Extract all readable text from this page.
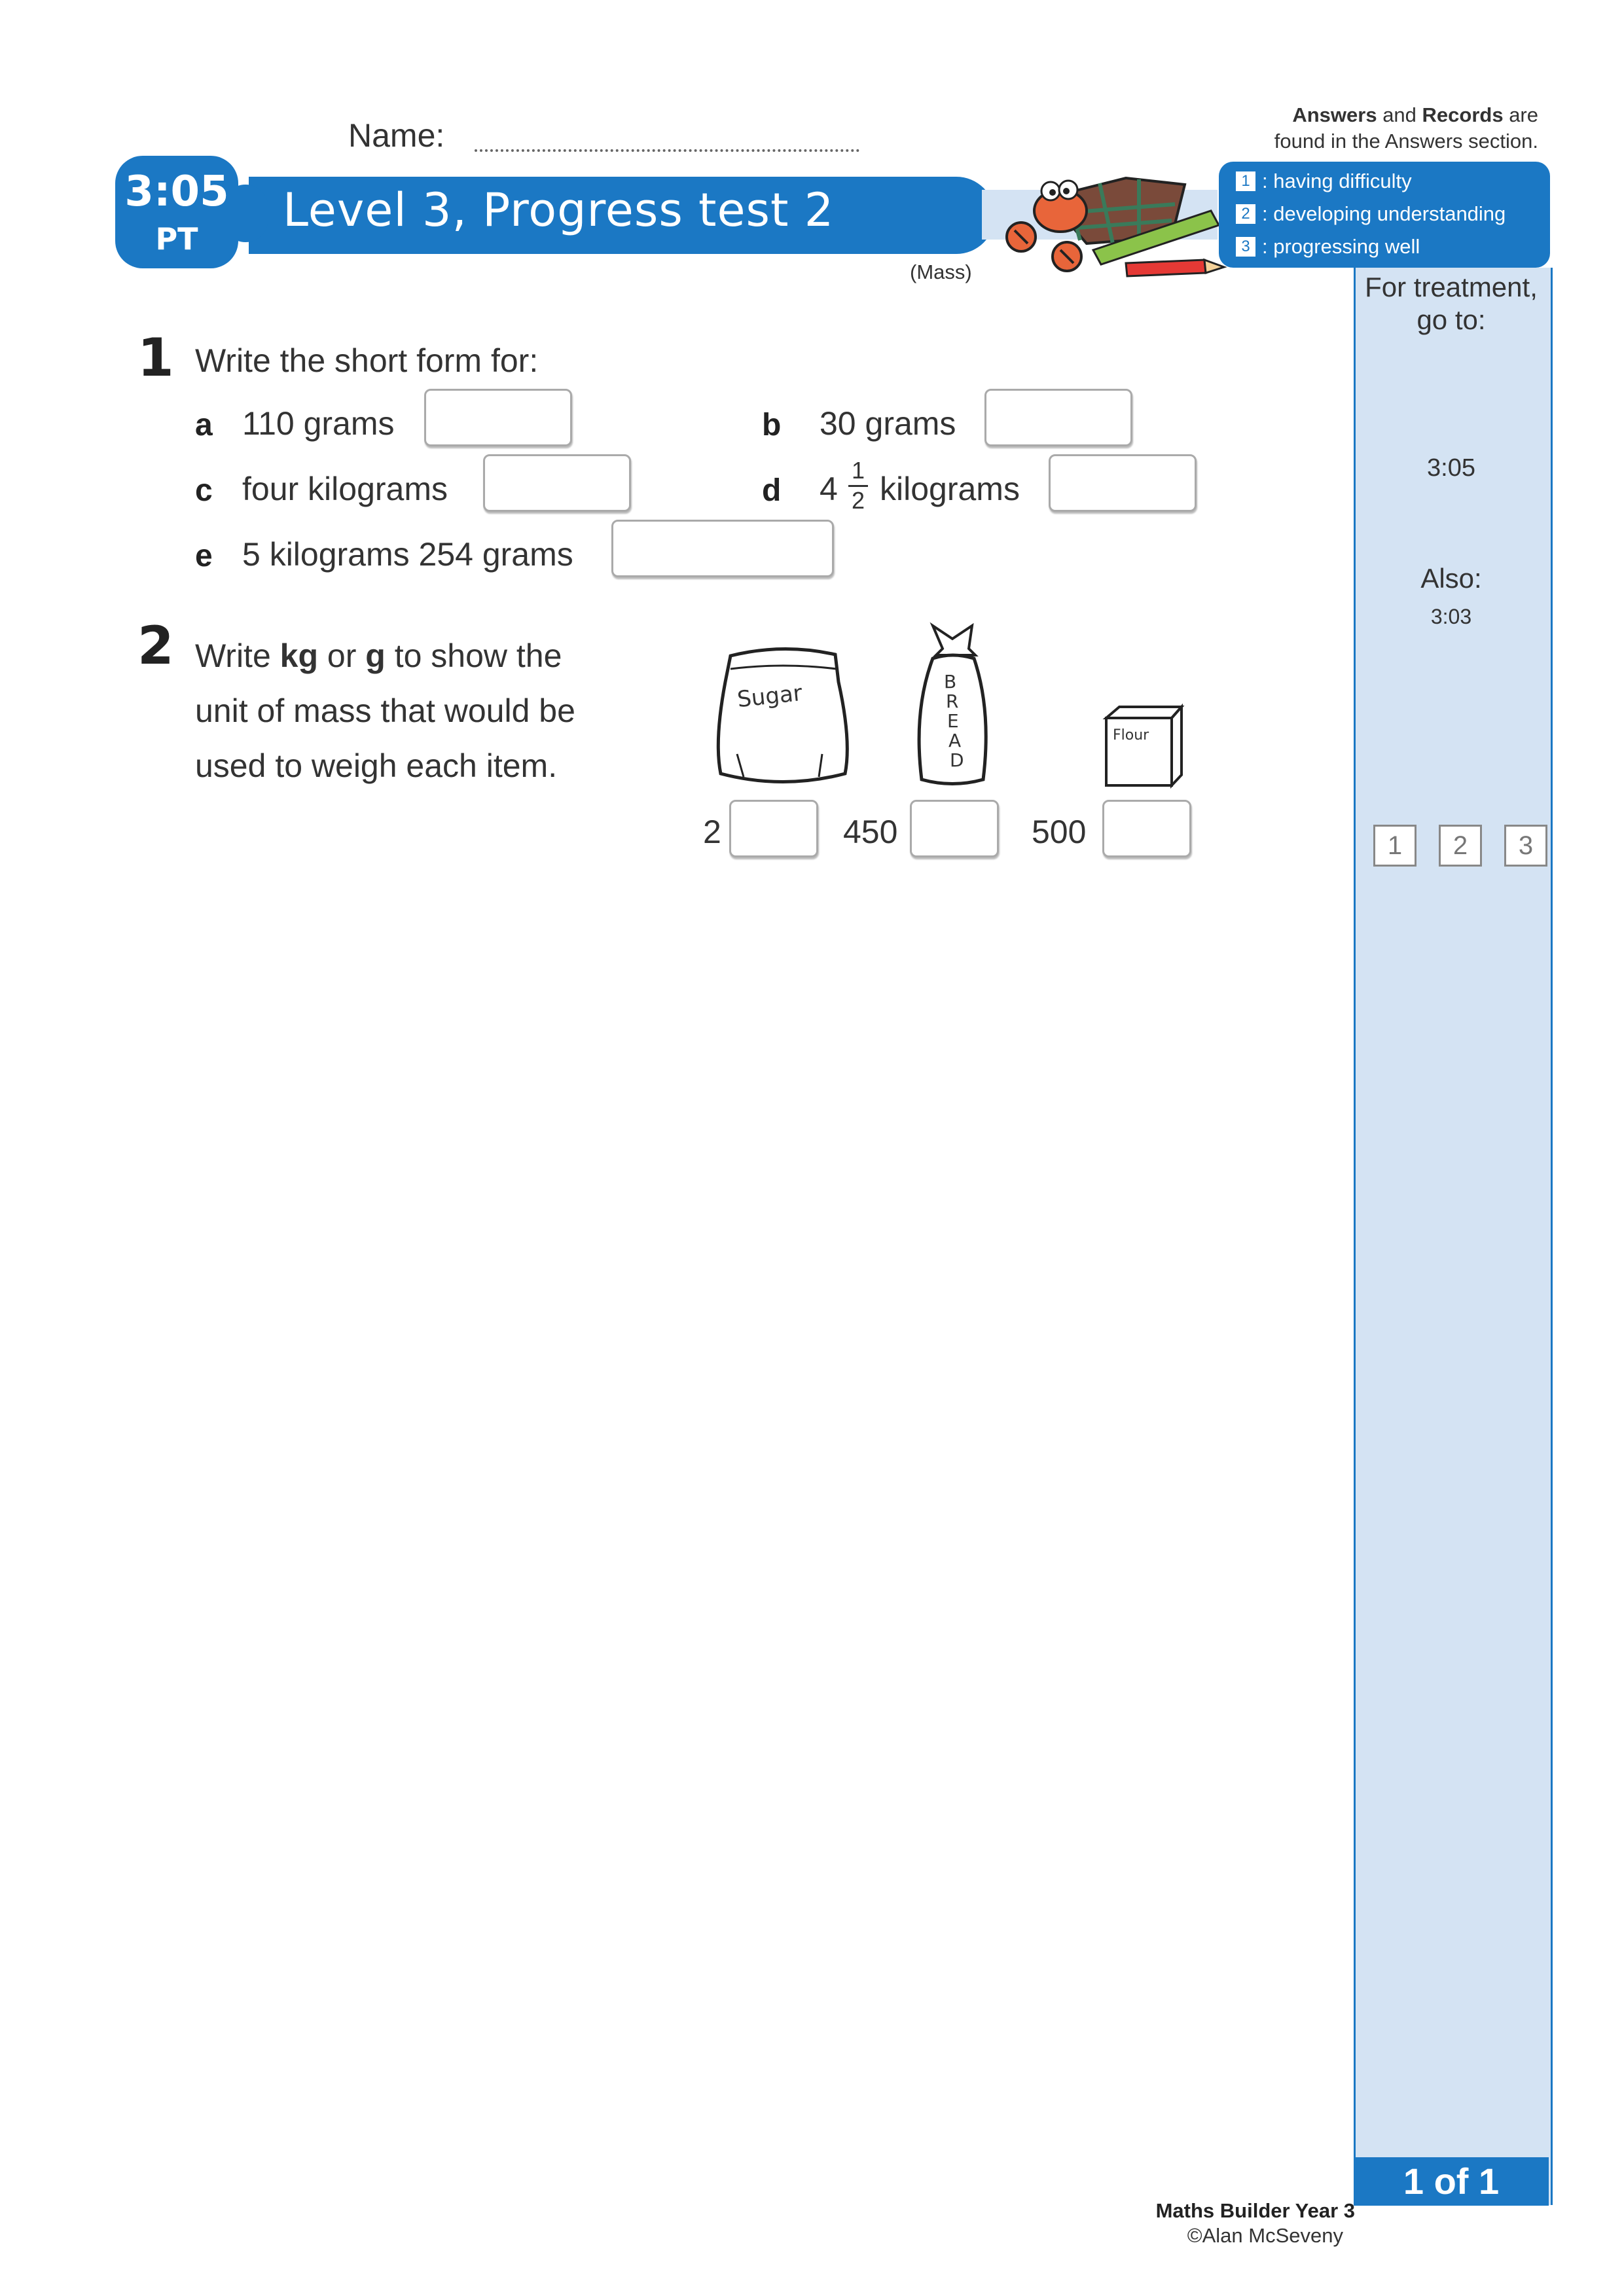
Name:
3:05
PT
Level 3, Progress test 2
(Mass)
Answers and Records are
found in the Answers section.
1 : having difficulty
2 : developing understanding
3 : progressing well
For treatment,
go to:
3:05
Also:
3:03
1	2	3
1 of 1
1 Write the short form for:
a 110 grams	b 30 grams
c four kilograms	d 4
1
2 kilograms
e 5 kilograms 254 grams
2 Write kg or g to show the
unit of mass that would be
used to weigh each item.
Sugar	B
R
E
A
D
Flour
2	450	500
Maths Builder Year 3
©Alan McSeveny
